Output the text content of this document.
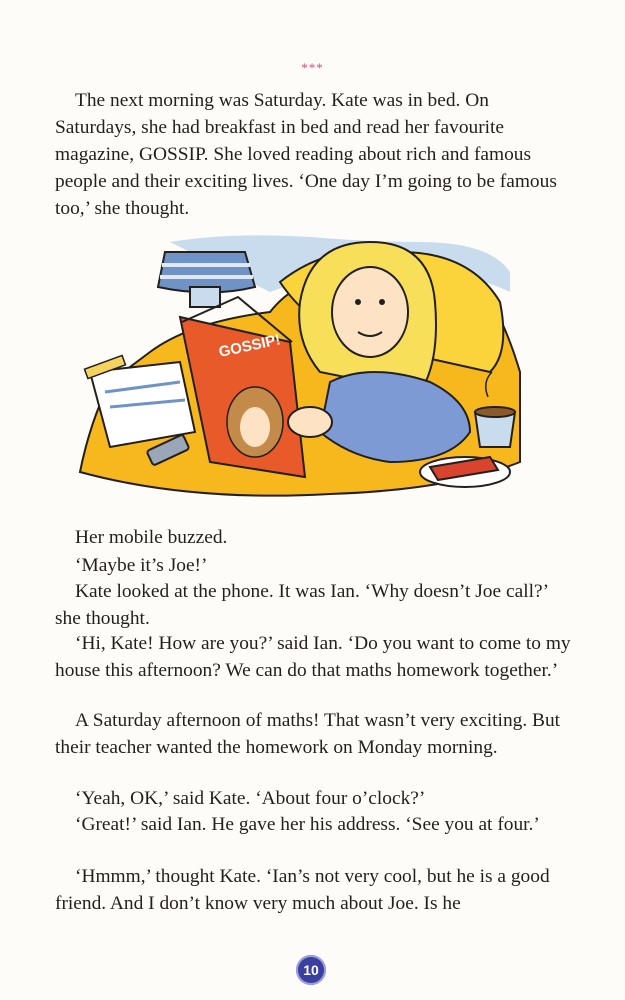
***

The next morning was Saturday. Kate was in bed. On Saturdays, she had breakfast in bed and read her favourite magazine, GOSSIP. She loved reading about rich and famous people and their exciting lives. ‘One day I’m going to be famous too,’ she thought.

GOSSIP!

Her mobile buzzed.

‘Maybe it’s Joe!’

Kate looked at the phone. It was Ian. ‘Why doesn’t Joe call?’ she thought.

‘Hi, Kate! How are you?’ said Ian. ‘Do you want to come to my house this afternoon? We can do that maths homework together.’

A Saturday afternoon of maths! That wasn’t very exciting. But their teacher wanted the homework on Monday morning.

‘Yeah, OK,’ said Kate. ‘About four o’clock?’

‘Great!’ said Ian. He gave her his address. ‘See you at four.’

‘Hmmm,’ thought Kate. ‘Ian’s not very cool, but he is a good friend. And I don’t know very much about Joe. Is he

10
